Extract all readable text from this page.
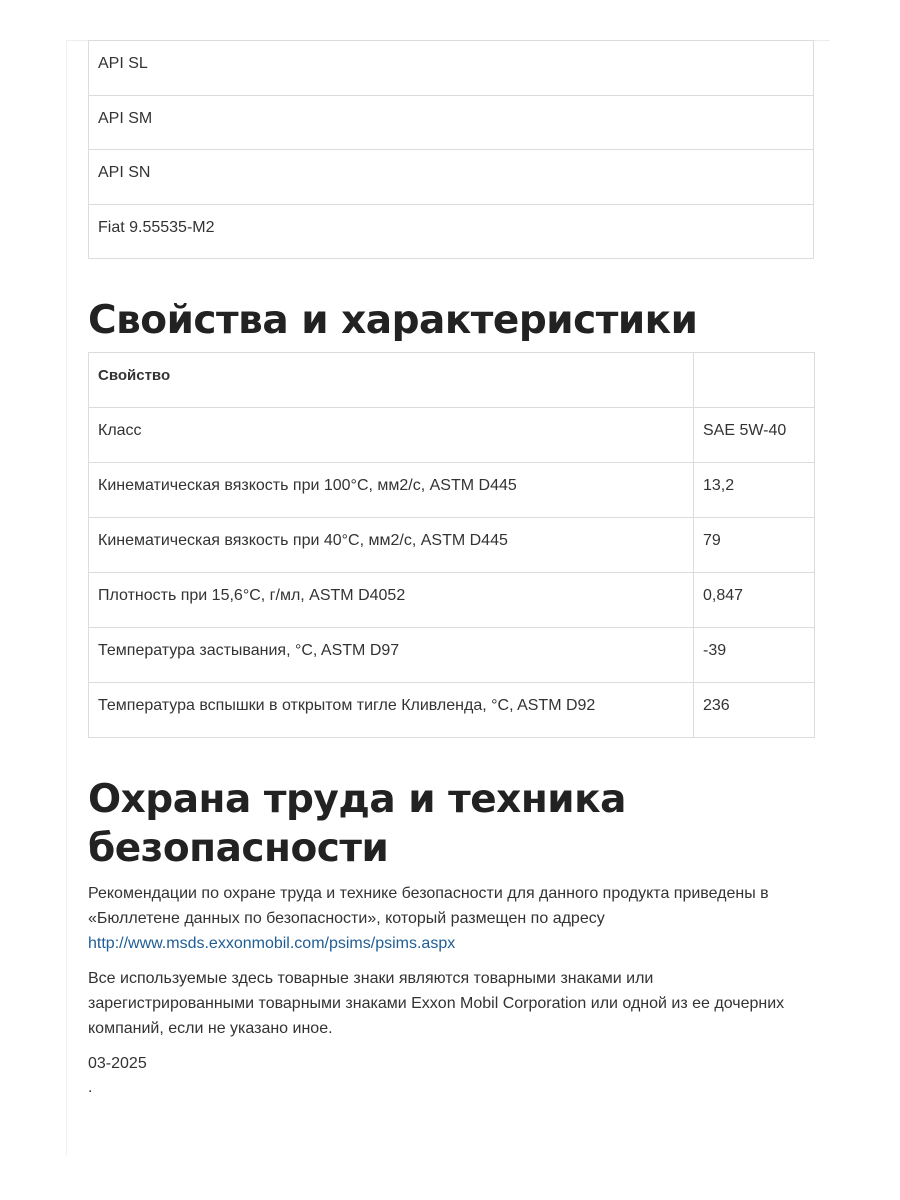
API SL
API SM
API SN
Fiat 9.55535-M2
Свойства и характеристики
Свойство	
Класс	SAE 5W-40
Кинематическая вязкость при 100°C, мм2/с, ASTM D445	13,2
Кинематическая вязкость при 40°C, мм2/с, ASTM D445	79
Плотность при 15,6°C, г/мл, ASTM D4052	0,847
Температура застывания, °C, ASTM D97	-39
Температура вспышки в открытом тигле Кливленда, °C, ASTM D92	236
Охрана труда и техника безопасности

Рекомендации по охране труда и технике безопасности для данного продукта приведены в «Бюллетене данных по безопасности», который размещен по адресу http://www.msds.exxonmobil.com/psims/psims.aspx

Все используемые здесь товарные знаки являются товарными знаками или зарегистрированными товарными знаками Exxon Mobil Corporation или одной из ее дочерних компаний, если не указано иное.

03-2025

.
